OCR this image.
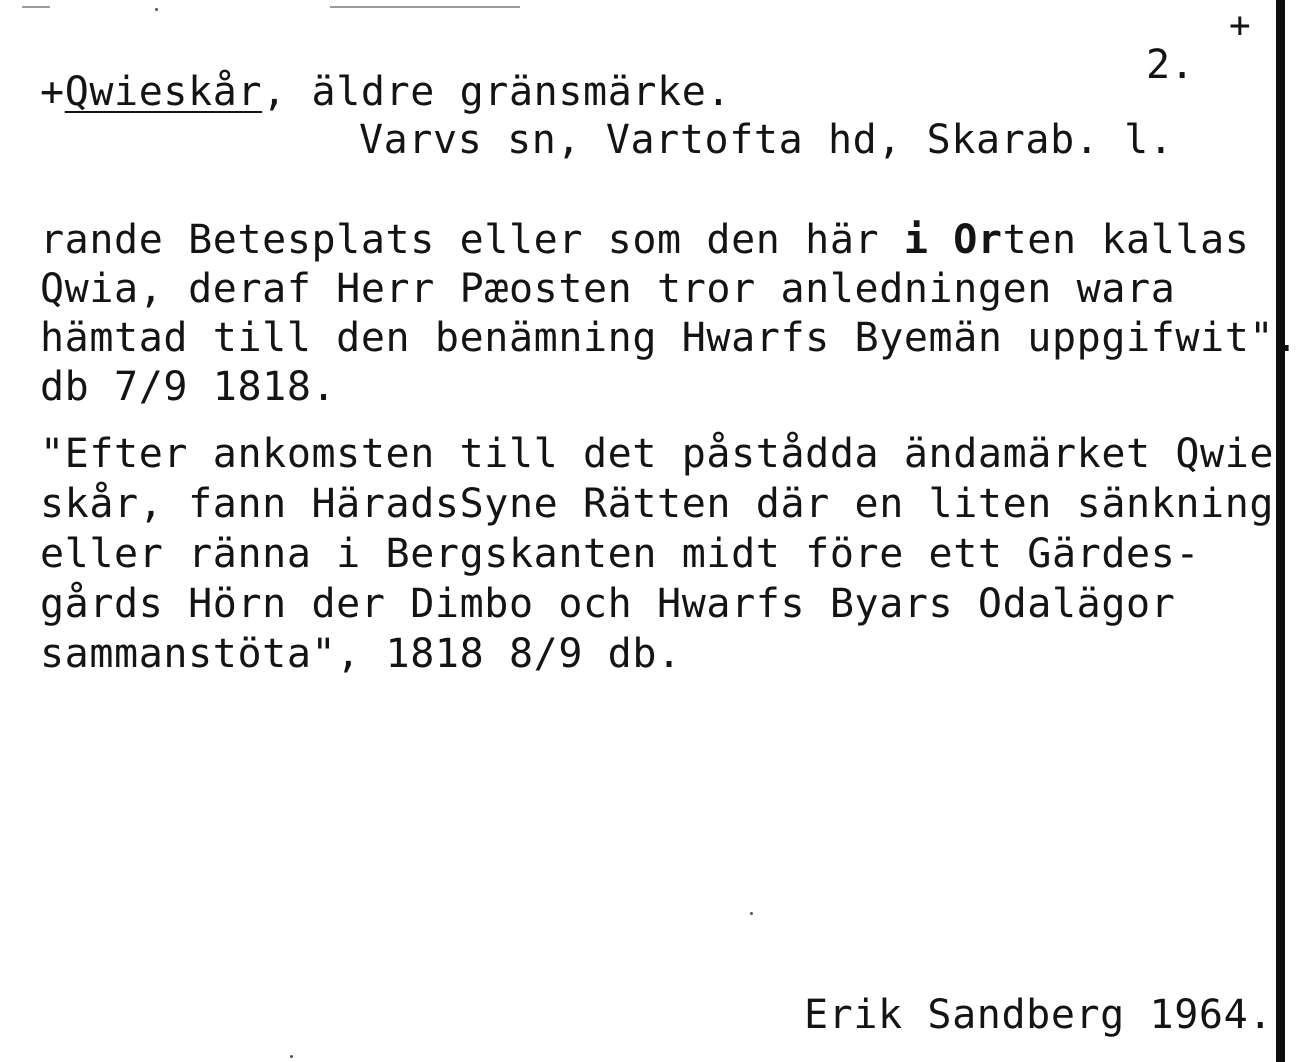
+
2.
+Qwieskår, äldre gränsmärke.
Varvs sn, Vartofta hd, Skarab. l.
rande Betesplats eller som den här i Orten kallas
Qwia, deraf Herr Pæosten tror anledningen wara
hämtad till den benämning Hwarfs Byemän uppgifwit".
db 7/9 1818.
"Efter ankomsten till det påstådda ändamärket Qwie
skår, fann HäradsSyne Rätten där en liten sänkning
eller ränna i Bergskanten midt före ett Gärdes-
gårds Hörn der Dimbo och Hwarfs Byars Odalägor
sammanstöta", 1818 8/9 db.
Erik Sandberg 1964.
